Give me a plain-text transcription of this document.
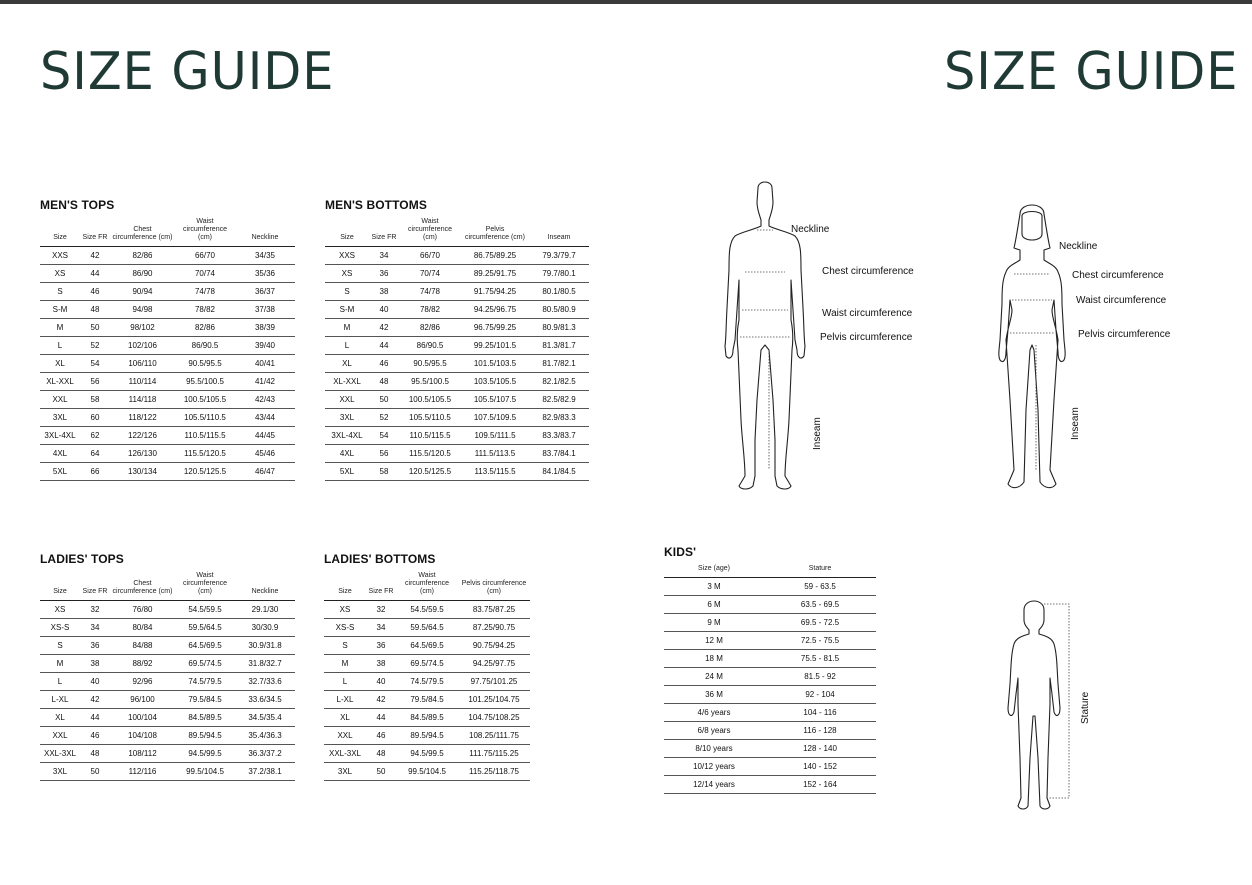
SIZE GUIDE	SIZE GUIDE
MEN'S TOPS
Size	Size FR	Chest circumference (cm)	Waist circumference (cm)	Neckline
XXS	42	82/86	66/70	34/35
XS	44	86/90	70/74	35/36
S	46	90/94	74/78	36/37
S-M	48	94/98	78/82	37/38
M	50	98/102	82/86	38/39
L	52	102/106	86/90.5	39/40
XL	54	106/110	90.5/95.5	40/41
XL-XXL	56	110/114	95.5/100.5	41/42
XXL	58	114/118	100.5/105.5	42/43
3XL	60	118/122	105.5/110.5	43/44
3XL-4XL	62	122/126	110.5/115.5	44/45
4XL	64	126/130	115.5/120.5	45/46
5XL	66	130/134	120.5/125.5	46/47
MEN'S BOTTOMS
Size	Size FR	Waist circumference (cm)	Pelvis circumference (cm)	Inseam
XXS	34	66/70	86.75/89.25	79.3/79.7
XS	36	70/74	89.25/91.75	79.7/80.1
S	38	74/78	91.75/94.25	80.1/80.5
S-M	40	78/82	94.25/96.75	80.5/80.9
M	42	82/86	96.75/99.25	80.9/81.3
L	44	86/90.5	99.25/101.5	81.3/81.7
XL	46	90.5/95.5	101.5/103.5	81.7/82.1
XL-XXL	48	95.5/100.5	103.5/105.5	82.1/82.5
XXL	50	100.5/105.5	105.5/107.5	82.5/82.9
3XL	52	105.5/110.5	107.5/109.5	82.9/83.3
3XL-4XL	54	110.5/115.5	109.5/111.5	83.3/83.7
4XL	56	115.5/120.5	111.5/113.5	83.7/84.1
5XL	58	120.5/125.5	113.5/115.5	84.1/84.5
LADIES' TOPS
Size	Size FR	Chest circumference (cm)	Waist circumference (cm)	Neckline
XS	32	76/80	54.5/59.5	29.1/30
XS-S	34	80/84	59.5/64.5	30/30.9
S	36	84/88	64.5/69.5	30.9/31.8
M	38	88/92	69.5/74.5	31.8/32.7
L	40	92/96	74.5/79.5	32.7/33.6
L-XL	42	96/100	79.5/84.5	33.6/34.5
XL	44	100/104	84.5/89.5	34.5/35.4
XXL	46	104/108	89.5/94.5	35.4/36.3
XXL-3XL	48	108/112	94.5/99.5	36.3/37.2
3XL	50	112/116	99.5/104.5	37.2/38.1
LADIES' BOTTOMS
Size	Size FR	Waist circumference (cm)	Pelvis circumference (cm)
XS	32	54.5/59.5	83.75/87.25
XS-S	34	59.5/64.5	87.25/90.75
S	36	64.5/69.5	90.75/94.25
M	38	69.5/74.5	94.25/97.75
L	40	74.5/79.5	97.75/101.25
L-XL	42	79.5/84.5	101.25/104.75
XL	44	84.5/89.5	104.75/108.25
XXL	46	89.5/94.5	108.25/111.75
XXL-3XL	48	94.5/99.5	111.75/115.25
3XL	50	99.5/104.5	115.25/118.75
KIDS'
Size (age)	Stature
3 M	59 - 63.5
6 M	63.5 - 69.5
9 M	69.5 - 72.5
12 M	72.5 - 75.5
18 M	75.5 - 81.5
24 M	81.5 - 92
36 M	92 - 104
4/6 years	104 - 116
6/8 years	116 - 128
8/10 years	128 - 140
10/12 years	140 - 152
12/14 years	152 - 164
Neckline
Chest circumference
Waist circumference
Pelvis circumference
Inseam
Neckline
Chest circumference
Waist circumference
Pelvis circumference
Inseam
Stature
